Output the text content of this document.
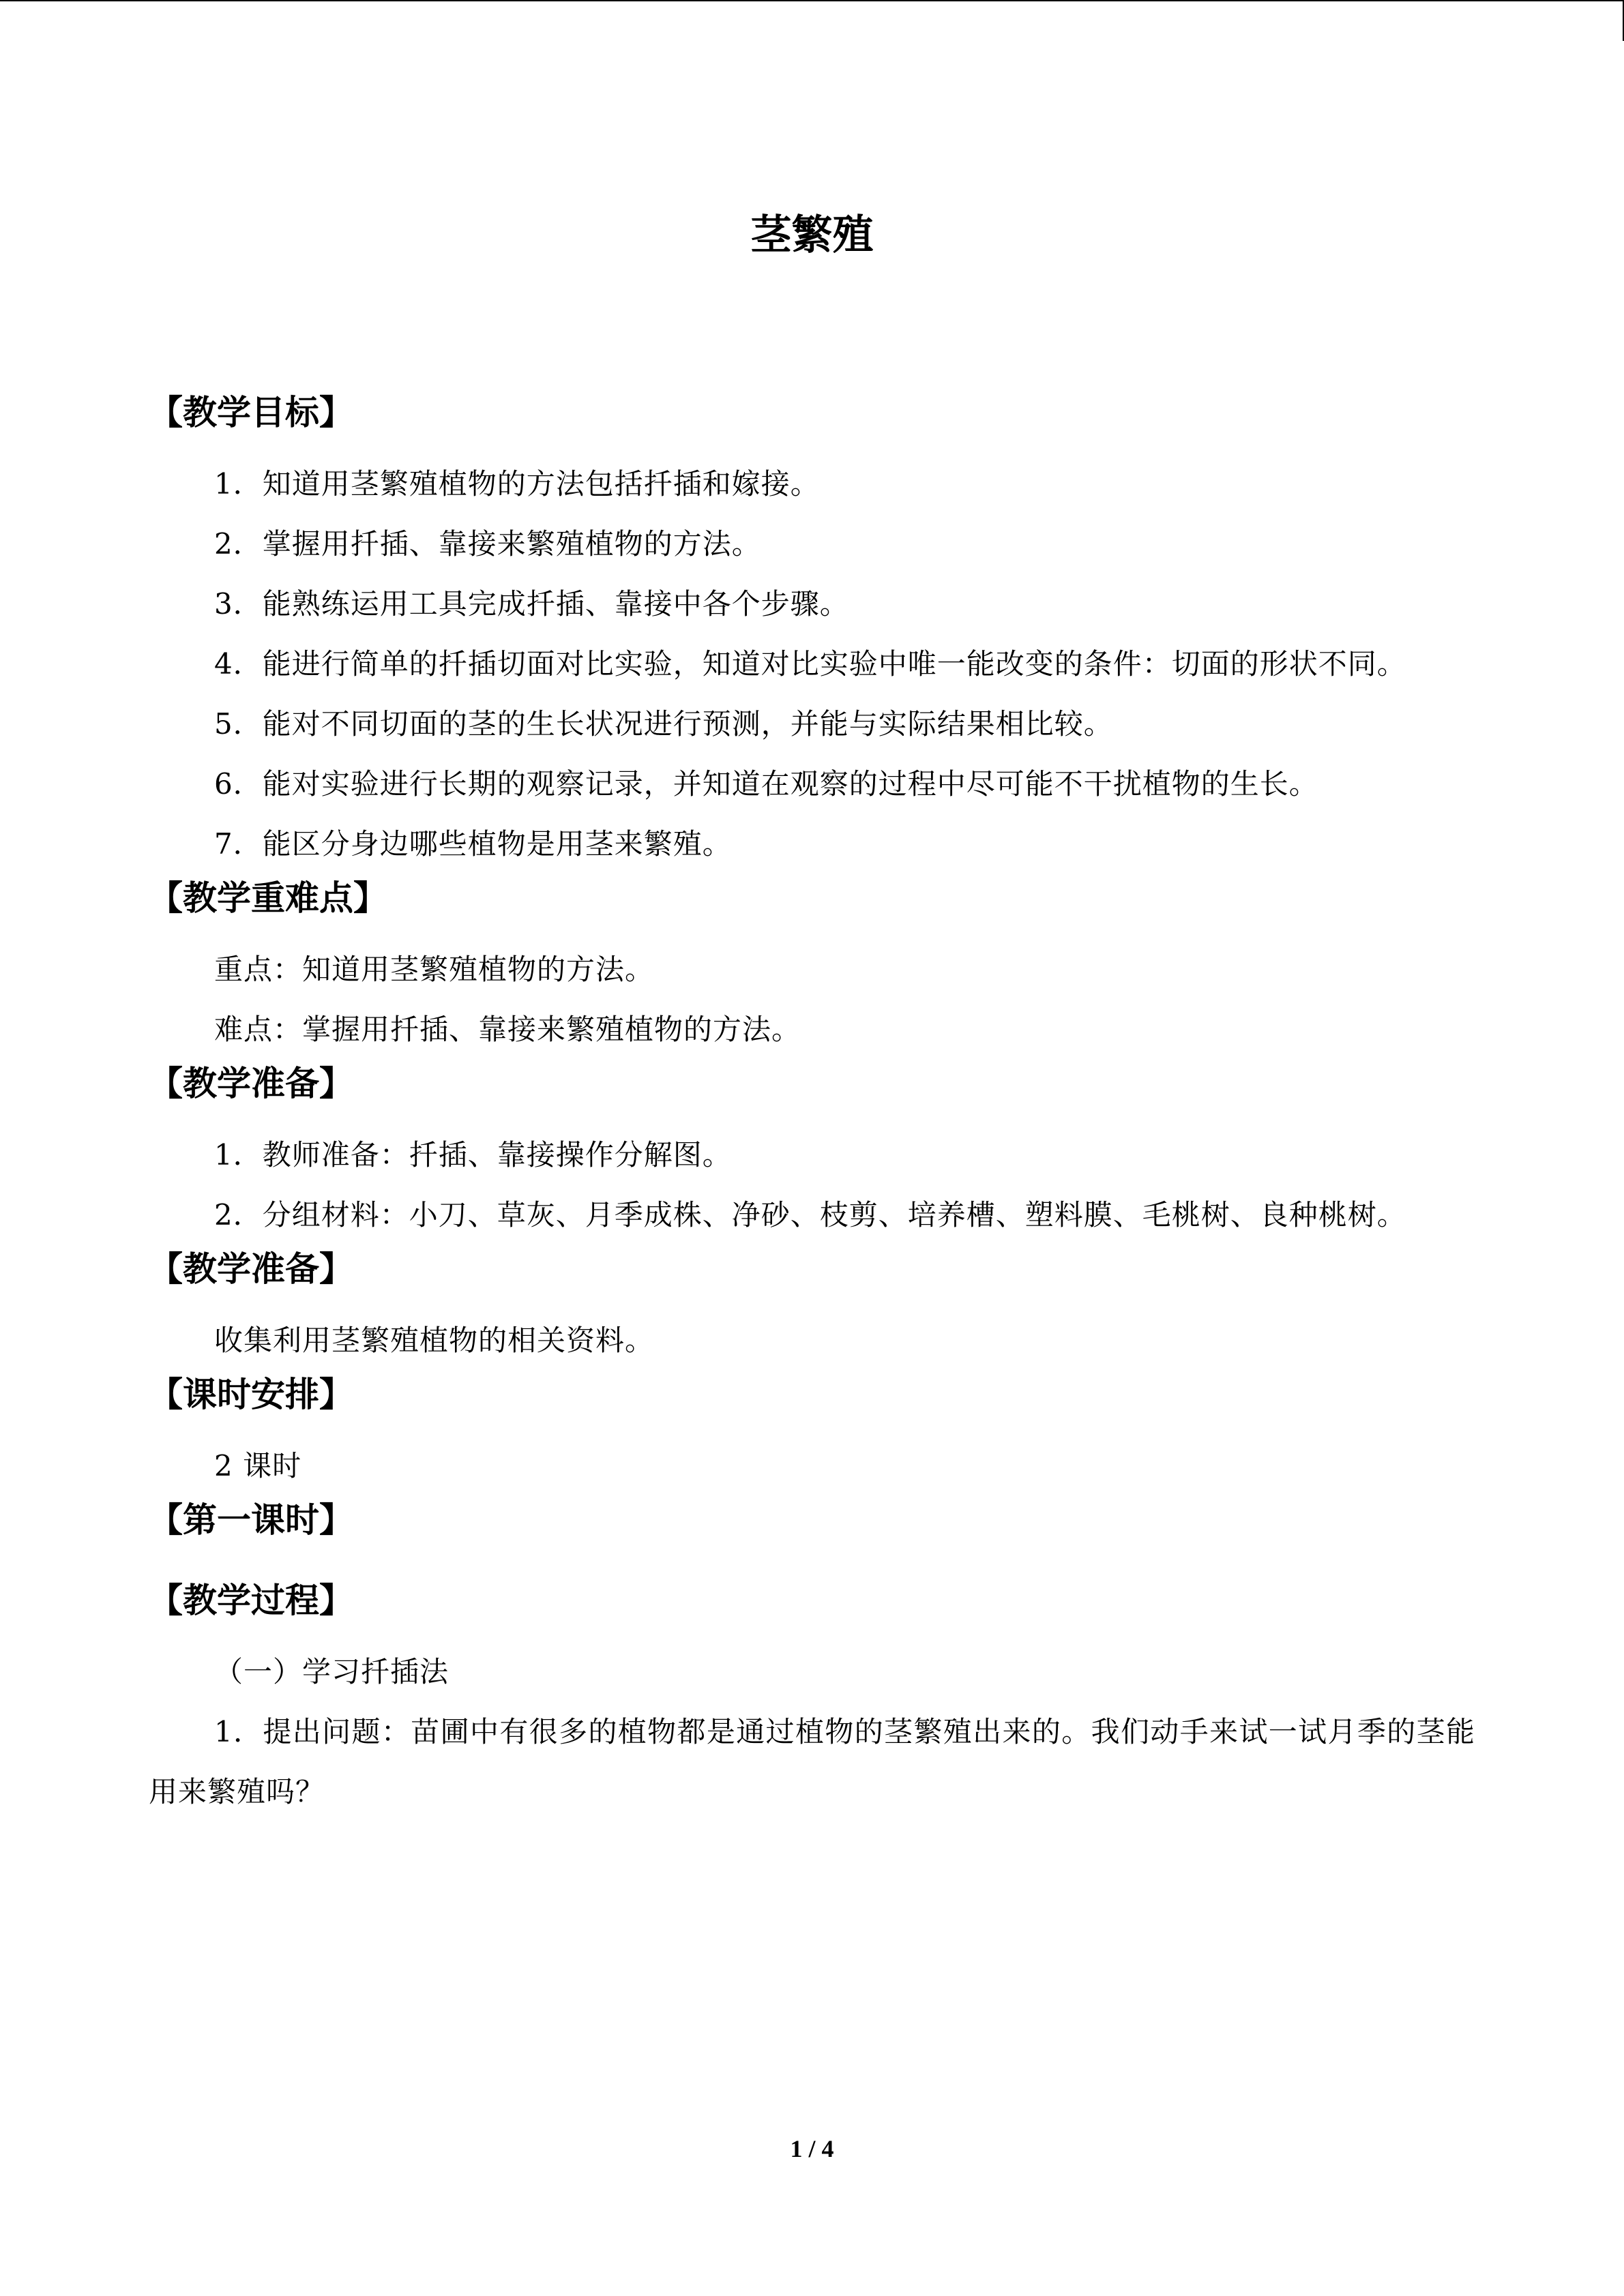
茎繁殖
【教学目标】

1．知道用茎繁殖植物的方法包括扦插和嫁接。

2．掌握用扦插、靠接来繁殖植物的方法。

3．能熟练运用工具完成扦插、靠接中各个步骤。

4．能进行简单的扦插切面对比实验，知道对比实验中唯一能改变的条件：切面的形状不同。

5．能对不同切面的茎的生长状况进行预测，并能与实际结果相比较。

6．能对实验进行长期的观察记录，并知道在观察的过程中尽可能不干扰植物的生长。

7．能区分身边哪些植物是用茎来繁殖。

【教学重难点】

重点：知道用茎繁殖植物的方法。

难点：掌握用扦插、靠接来繁殖植物的方法。

【教学准备】

1．教师准备：扦插、靠接操作分解图。

2．分组材料：小刀、草灰、月季成株、净砂、枝剪、培养槽、塑料膜、毛桃树、良种桃树。

【教学准备】

收集利用茎繁殖植物的相关资料。

【课时安排】

2 课时

【第一课时】
【教学过程】

（一）学习扦插法

1．提出问题：苗圃中有很多的植物都是通过植物的茎繁殖出来的。我们动手来试一试月季的茎能用来繁殖吗？

1 / 4
